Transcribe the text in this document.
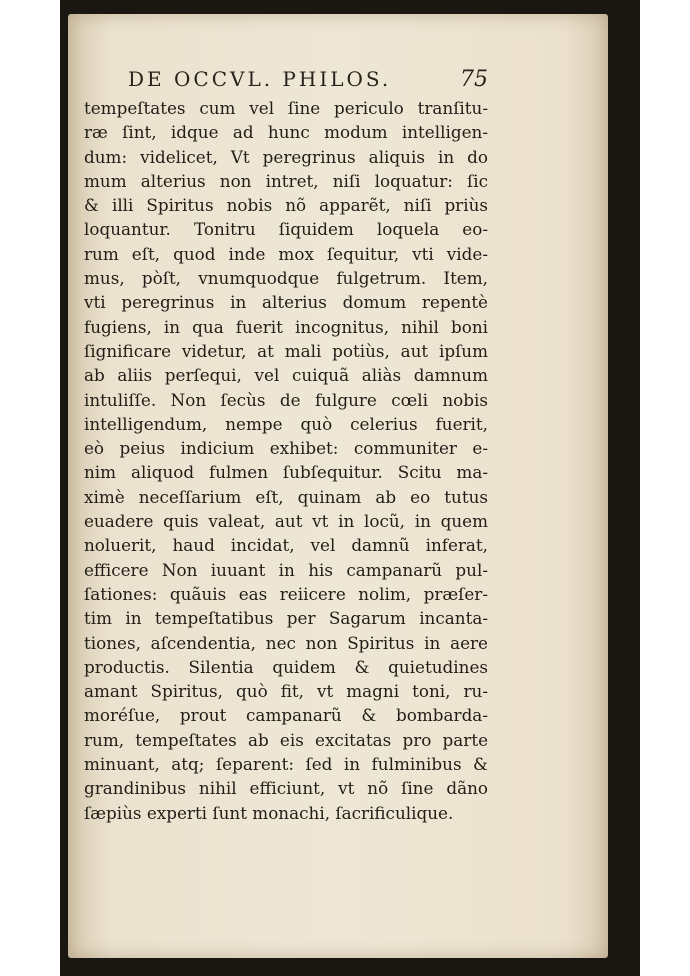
DE OCCVL. PHILOS.	75
tempeſtates cum vel ſine periculo tranſitu-
ræ ſint, idque ad hunc modum intelligen-
dum: videlicet, Vt peregrinus aliquis in do
mum alterius non intret, niſi loquatur: ſic
& illi Spiritus nobis nõ apparẽt, niſi priùs
loquantur. Tonitru ſiquidem loquela eo-
rum eſt, quod inde mox ſequitur, vti vide-
mus, pòſt, vnumquodque fulgetrum. Item,
vti peregrinus in alterius domum repentè
fugiens, in qua fuerit incognitus, nihil boni
ſignificare videtur, at mali potiùs, aut ipſum
ab aliis perſequi, vel cuiquã aliàs damnum
intuliſſe. Non ſecùs de fulgure cœli nobis
intelligendum, nempe quò celerius fuerit,
eò peius indicium exhibet: communiter e-
nim aliquod fulmen ſubſequitur. Scitu ma-
ximè neceſſarium eſt, quinam ab eo tutus
euadere quis valeat, aut vt in locũ, in quem
noluerit, haud incidat, vel damnũ inferat,
efficere Non iuuant in his campanarũ pul-
ſationes: quãuis eas reiicere nolim, præſer-
tim in tempeſtatibus per Sagarum incanta-
tiones, aſcendentia, nec non Spiritus in aere
productis. Silentia quidem & quietudines
amant Spiritus, quò fit, vt magni toni, ru-
moréſue, prout campanarũ & bombarda-
rum, tempeſtates ab eis excitatas pro parte
minuant, atq; ſeparent: ſed in fulminibus &
grandinibus nihil efficiunt, vt nõ ſine dãno
ſæpiùs experti ſunt monachi, ſacrificulique.
